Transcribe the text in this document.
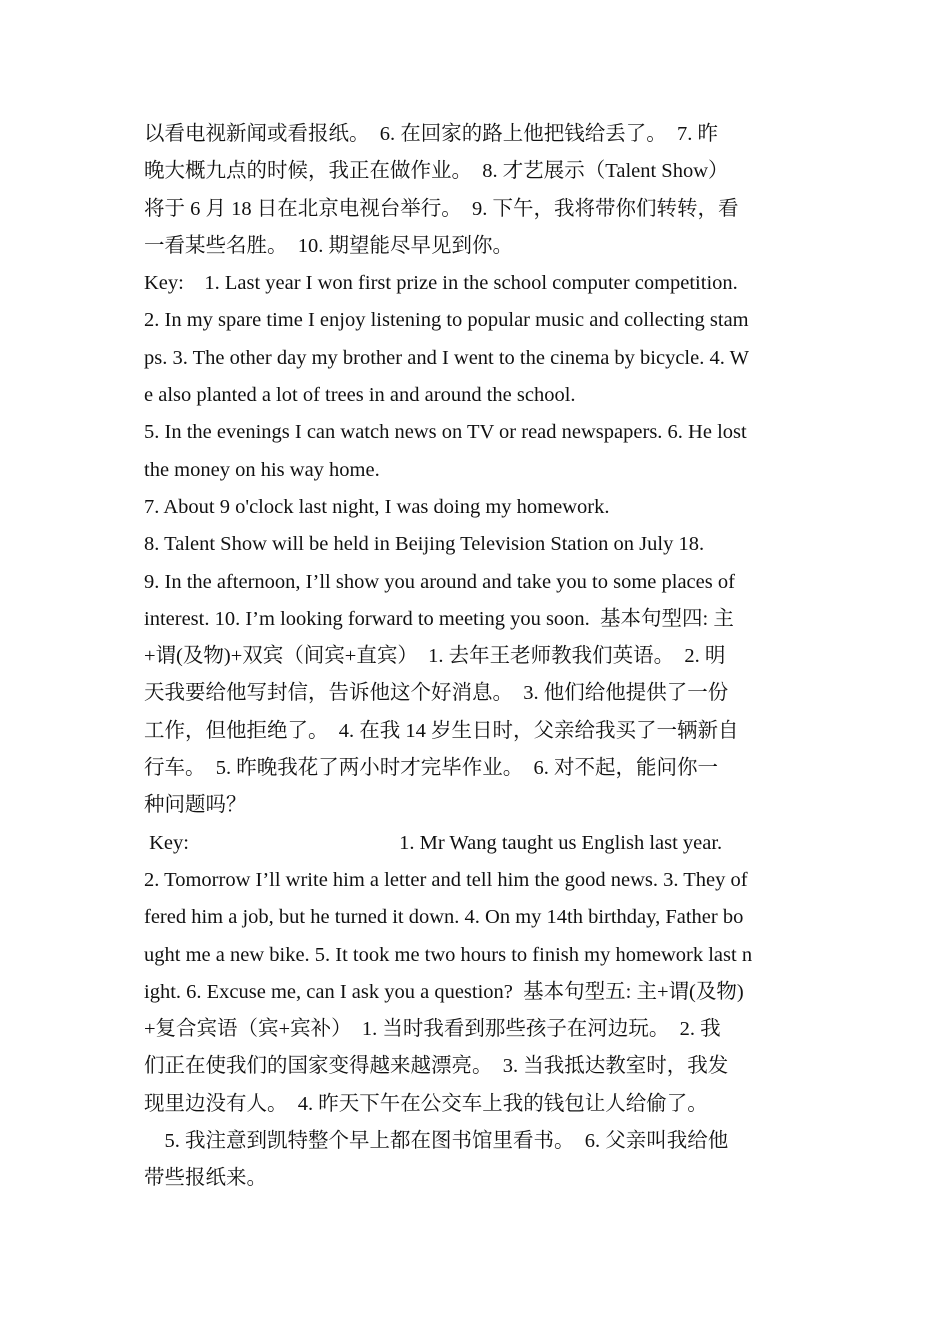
以看电视新闻或看报纸。　6. 在回家的路上他把钱给丢了。　7. 昨
晚大概九点的时候，我正在做作业。　8. 才艺展示（Talent Show）
将于 6 月 18 日在北京电视台举行。　9. 下午，我将带你们转转，看
一看某些名胜。　10. 期望能尽早见到你。
Key:    1. Last year I won first prize in the school computer competition.
2. In my spare time I enjoy listening to popular music and collecting stam
ps. 3. The other day my brother and I went to the cinema by bicycle. 4. W
e also planted a lot of trees in and around the school.
5. In the evenings I can watch news on TV or read newspapers. 6. He lost
the money on his way home.
7. About 9 o'clock last night, I was doing my homework.
8. Talent Show will be held in Beijing Television Station on July 18.
9. In the afternoon, I’ll show you around and take you to some places of
interest. 10. I’m looking forward to meeting you soon.  基本句型四: 主
+谓(及物)+双宾（间宾+直宾）　1. 去年王老师教我们英语。　2. 明
天我要给他写封信，告诉他这个好消息。　3. 他们给他提供了一份
工作，但他拒绝了。　4. 在我 14 岁生日时，父亲给我买了一辆新自
行车。　5. 昨晚我花了两小时才完毕作业。　6. 对不起，能问你一
种问题吗？
Key:                                         1. Mr Wang taught us English last year.
2. Tomorrow I’ll write him a letter and tell him the good news. 3. They of
fered him a job, but he turned it down. 4. On my 14th birthday, Father bo
ught me a new bike. 5. It took me two hours to finish my homework last n
ight. 6. Excuse me, can I ask you a question?  基本句型五: 主+谓(及物)
+复合宾语（宾+宾补）　1. 当时我看到那些孩子在河边玩。　2. 我
们正在使我们的国家变得越来越漂亮。　3. 当我抵达教室时，我发
现里边没有人。　4. 昨天下午在公交车上我的钱包让人给偷了。
　5. 我注意到凯特整个早上都在图书馆里看书。　6. 父亲叫我给他
带些报纸来。
